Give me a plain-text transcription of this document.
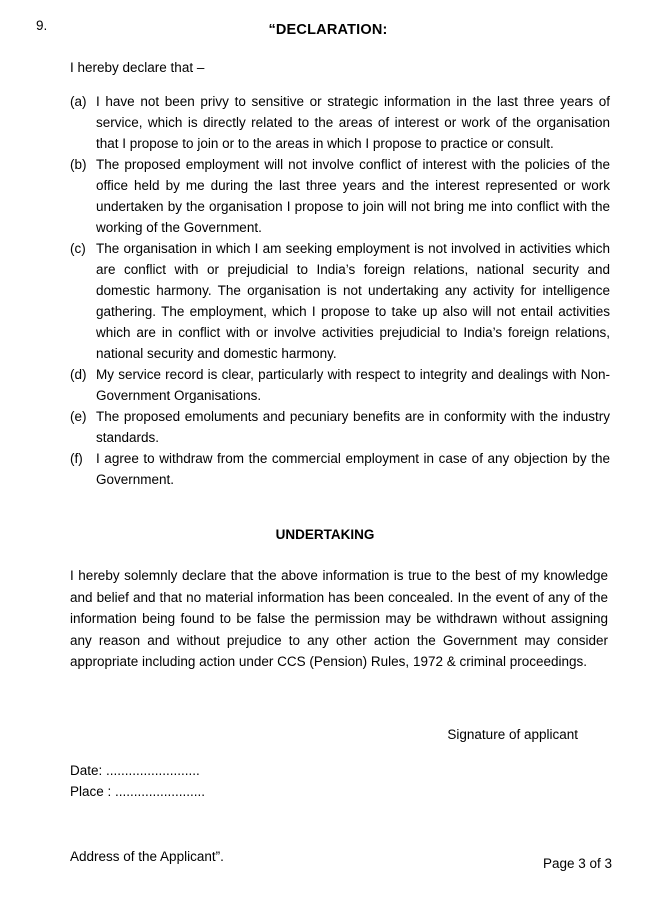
9.	“DECLARATION:
I hereby declare that –
(a) I have not been privy to sensitive or strategic information in the last three years of service, which is directly related to the areas of interest or work of the organisation that I propose to join or to the areas in which I propose to practice or consult.
(b) The proposed employment will not involve conflict of interest with the policies of the office held by me during the last three years and the interest represented or work undertaken by the organisation I propose to join will not bring me into conflict with the working of the Government.
(c) The organisation in which I am seeking employment is not involved in activities which are conflict with or prejudicial to India’s foreign relations, national security and domestic harmony. The organisation is not undertaking any activity for intelligence gathering. The employment, which I propose to take up also will not entail activities which are in conflict with or involve activities prejudicial to India’s foreign relations, national security and domestic harmony.
(d) My service record is clear, particularly with respect to integrity and dealings with Non-Government Organisations.
(e) The proposed emoluments and pecuniary benefits are in conformity with the industry standards.
(f) I agree to withdraw from the commercial employment in case of any objection by the Government.
UNDERTAKING
I hereby solemnly declare that the above information is true to the best of my knowledge and belief and that no material information has been concealed. In the event of any of the information being found to be false the permission may be withdrawn without assigning any reason and without prejudice to any other action the Government may consider appropriate including action under CCS (Pension) Rules, 1972 & criminal proceedings.
Signature of applicant
Date: .........................
Place : ........................
Address of the Applicant”.	Page 3 of 3
